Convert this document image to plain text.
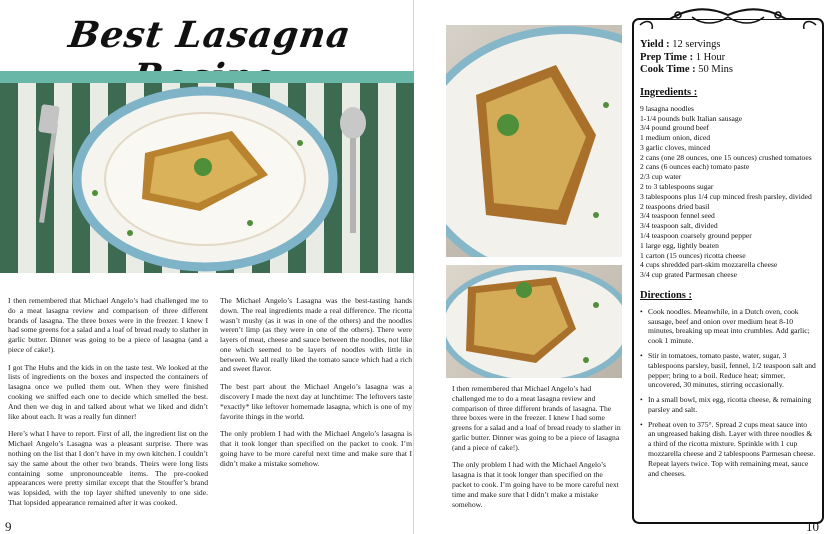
Best Lasagna

I then remembered that Michael Angelo’s had challenged me to do a meat lasagna review and comparison of three different brands of lasagna. The three boxes were in the freezer. I knew I had some greens for a salad and a loaf of bread ready to slather in garlic butter. Dinner was going to be a piece of lasagna (and a piece of cake!).

I got The Hubs and the kids in on the taste test. We looked at the lists of ingredients on the boxes and inspected the containers of lasagna once we pulled them out. When they were finished cooking we sniffed each one to decide which smelled the best. And then we dug in and talked about what we liked and didn’t like about each. It was a really fun dinner!

Here’s what I have to report. First of all, the ingredient list on the Michael Angelo’s Lasagna was a pleasant surprise. There was nothing on the list that I don’t have in my own kitchen. I couldn’t say the same about the other two brands. Theirs were long lists containing some unpronounceable items. The pre-cooked appearances were pretty similar except that the Stouffer’s brand was lopsided, with the top layer shifted unevenly to one side. That lopsided appearance remained after it was cooked.

The Michael Angelo’s Lasagna was the best-tasting hands down. The real ingredients made a real difference. The ricotta wasn’t mushy (as it was in one of the others) and the noodles weren’t limp (as they were in one of the others). There were layers of meat, cheese and sauce between the noodles, not like one which seemed to be layers of noodles with little in between. We all really liked the tomato sauce which had a rich and sweet flavor.

The best part about the Michael Angelo’s lasagna was a discovery I made the next day at lunchtime: The leftovers taste *exactly* like leftover homemade lasagna, which is one of my favorite things in the world.

The only problem I had with the Michael Angelo’s lasagna is that it took longer than specified on the packet to cook. I’m going have to be more careful next time and make sure that I didn’t make a mistake somehow.

9

I then remembered that Michael Angelo’s had challenged me to do a meat lasagna review and comparison of three different brands of lasagna. The three boxes were in the freezer. I knew I had some greens for a salad and a loaf of bread ready to slather in garlic butter. Dinner was going to be a piece of lasagna (and a piece of cake!).

The only problem I had with the Michael Angelo’s lasagna is that it took longer than specified on the packet to cook. I’m going have to be more careful next time and make sure that I didn’t make a mistake somehow.

Yield : 12 servings
Prep Time : 1 Hour
Cook Time : 50 Mins
Ingredients :
9 lasagna noodles
1-1/4 pounds bulk Italian sausage
3/4 pound ground beef
1 medium onion, diced
3 garlic cloves, minced
2 cans (one 28 ounces, one 15 ounces) crushed tomatoes
2 cans (6 ounces each) tomato paste
2/3 cup water
2 to 3 tablespoons sugar
3 tablespoons plus 1/4 cup minced fresh parsley, divided
2 teaspoons dried basil
3/4 teaspoon fennel seed
3/4 teaspoon salt, divided
1/4 teaspoon coarsely ground pepper
1 large egg, lightly beaten
1 carton (15 ounces) ricotta cheese
4 cups shredded part-skim mozzarella cheese
3/4 cup grated Parmesan cheese
Directions :
• Cook noodles. Meanwhile, in a Dutch oven, cook sausage, beef and onion over medium heat 8-10 minutes, breaking up meat into crumbles. Add garlic; cook 1 minute.
• Stir in tomatoes, tomato paste, water, sugar, 3 tablespoons parsley, basil, fennel, 1/2 teaspoon salt and pepper; bring to a boil. Reduce heat; simmer, uncovered, 30 minutes, stirring occasionally.
• In a small bowl, mix egg, ricotta cheese, & remaining parsley and salt.
• Preheat oven to 375°. Spread 2 cups meat sauce into an ungreased baking dish. Layer with three noodles & a third of the ricotta mixture. Sprinkle with 1 cup mozzarella cheese and 2 tablespoons Parmesan cheese. Repeat layers twice. Top with remaining meat, sauce and cheeses.
10
